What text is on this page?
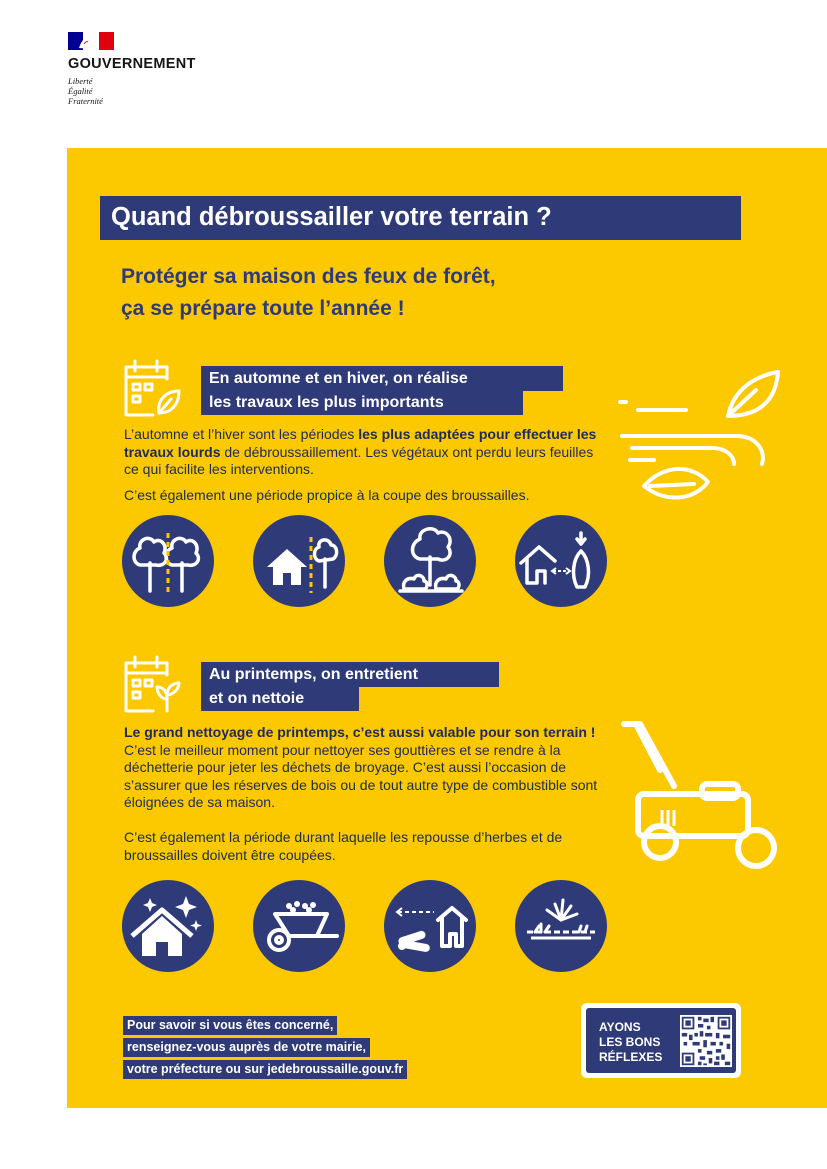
GOUVERNEMENT
Liberté
Égalité
Fraternité
Quand débroussailler votre terrain ?
Protéger sa maison des feux de forêt,
ça se prépare toute l’année !
En automne et en hiver, on réalise
les travaux les plus importants
L’automne et l’hiver sont les périodes les plus adaptées pour effectuer les travaux lourds de débroussaillement. Les végétaux ont perdu leurs feuilles ce qui facilite les interventions.
C’est également une période propice à la coupe des broussailles.
Au printemps, on entretient
et on nettoie
Le grand nettoyage de printemps, c’est aussi valable pour son terrain ! C’est le meilleur moment pour nettoyer ses gouttières et se rendre à la déchetterie pour jeter les déchets de broyage. C’est aussi l’occasion de s’assurer que les réserves de bois ou de tout autre type de combustible sont éloignées de sa maison.
C’est également la période durant laquelle les repousse d’herbes et de broussailles doivent être coupées.
Pour savoir si vous êtes concerné,
renseignez-vous auprès de votre mairie,
votre préfecture ou sur jedebroussaille.gouv.fr
AYONS
LES BONS
RÉFLEXES
